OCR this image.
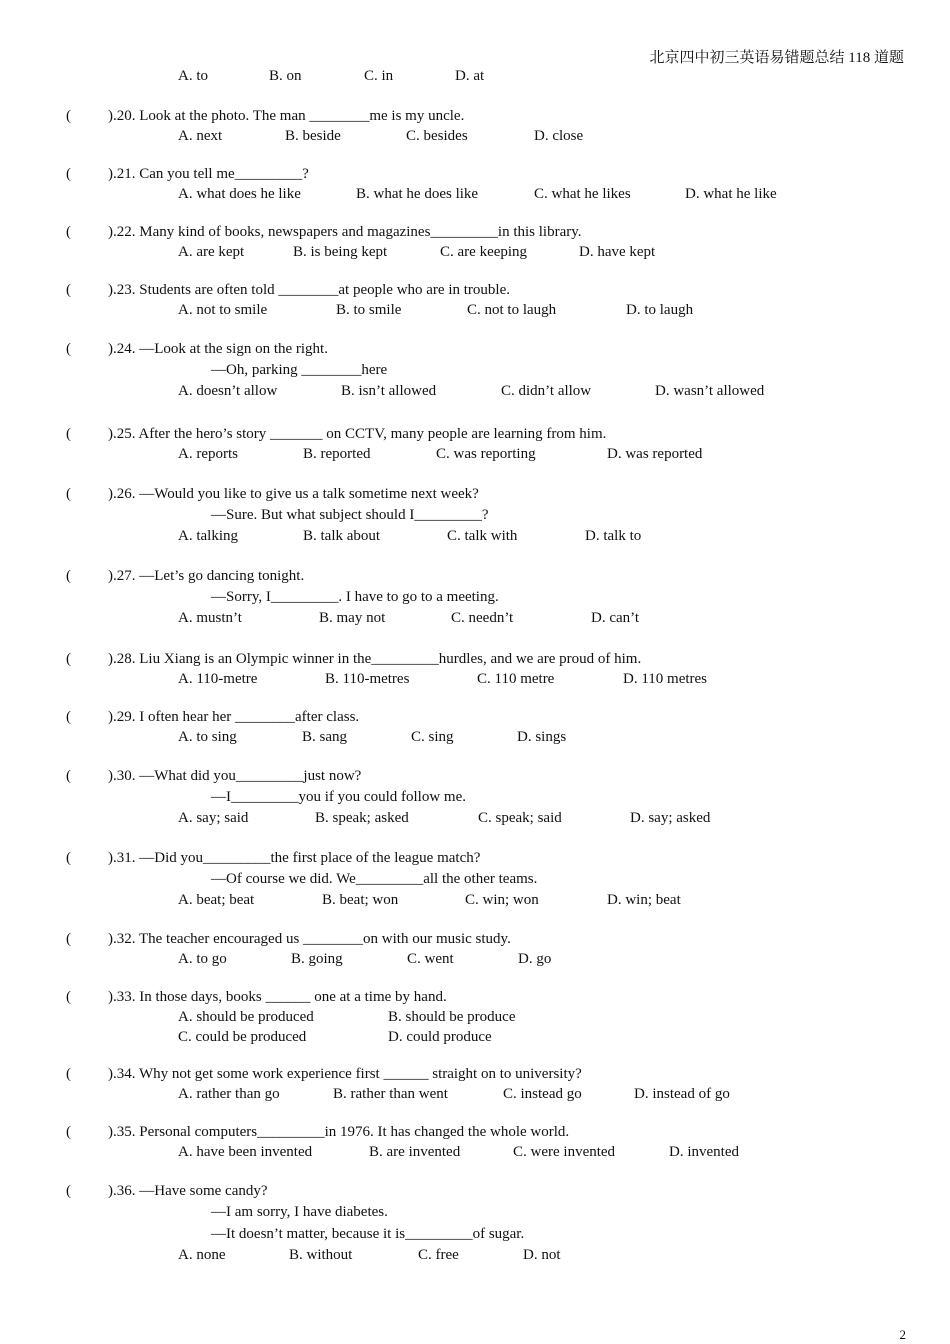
北京四中初三英语易错题总结 118 道题
A. to	B. on	C. in	D. at
( ).20. Look at the photo. The man ________me is my uncle.
A. next	B. beside	C. besides	D. close
( ).21. Can you tell me_________?
A. what does he like	B. what he does like	C. what he likes	D. what he like
( ).22. Many kind of books, newspapers and magazines_________in this library.
A. are kept	B. is being kept	C. are keeping	D. have kept
( ).23. Students are often told ________at people who are in trouble.
A. not to smile	B. to smile	C. not to laugh	D. to laugh
( ).24. —Look at the sign on the right.
—Oh, parking ________here
A. doesn’t allow	B. isn’t allowed	C. didn’t allow	D. wasn’t allowed
( ).25. After the hero’s story _______ on CCTV, many people are learning from him.
A. reports	B. reported	C. was reporting	D. was reported
( ).26. —Would you like to give us a talk sometime next week?
—Sure. But what subject should I_________?
A. talking	B. talk about	C. talk with	D. talk to
( ).27. —Let’s go dancing tonight.
—Sorry, I_________. I have to go to a meeting.
A. mustn’t	B. may not	C. needn’t	D. can’t
( ).28. Liu Xiang is an Olympic winner in the_________hurdles, and we are proud of him.
A. 110-metre	B. 110-metres	C. 110 metre	D. 110 metres
( ).29. I often hear her ________after class.
A. to sing	B. sang	C. sing	D. sings
( ).30. —What did you_________just now?
—I_________you if you could follow me.
A. say; said	B. speak; asked	C. speak; said	D. say; asked
( ).31. —Did you_________the first place of the league match?
—Of course we did. We_________all the other teams.
A. beat; beat	B. beat; won	C. win; won	D. win; beat
( ).32. The teacher encouraged us ________on with our music study.
A. to go	B. going	C. went	D. go
( ).33. In those days, books ______ one at a time by hand.
A. should be produced	B. should be produce
C. could be produced	D. could produce
( ).34. Why not get some work experience first ______ straight on to university?
A. rather than go	B. rather than went	C. instead go	D. instead of go
( ).35. Personal computers_________in 1976. It has changed the whole world.
A. have been invented	B. are invented	C. were invented	D. invented
( ).36. —Have some candy?
—I am sorry, I have diabetes.
—It doesn’t matter, because it is_________of sugar.
A. none	B. without	C. free	D. not
2
